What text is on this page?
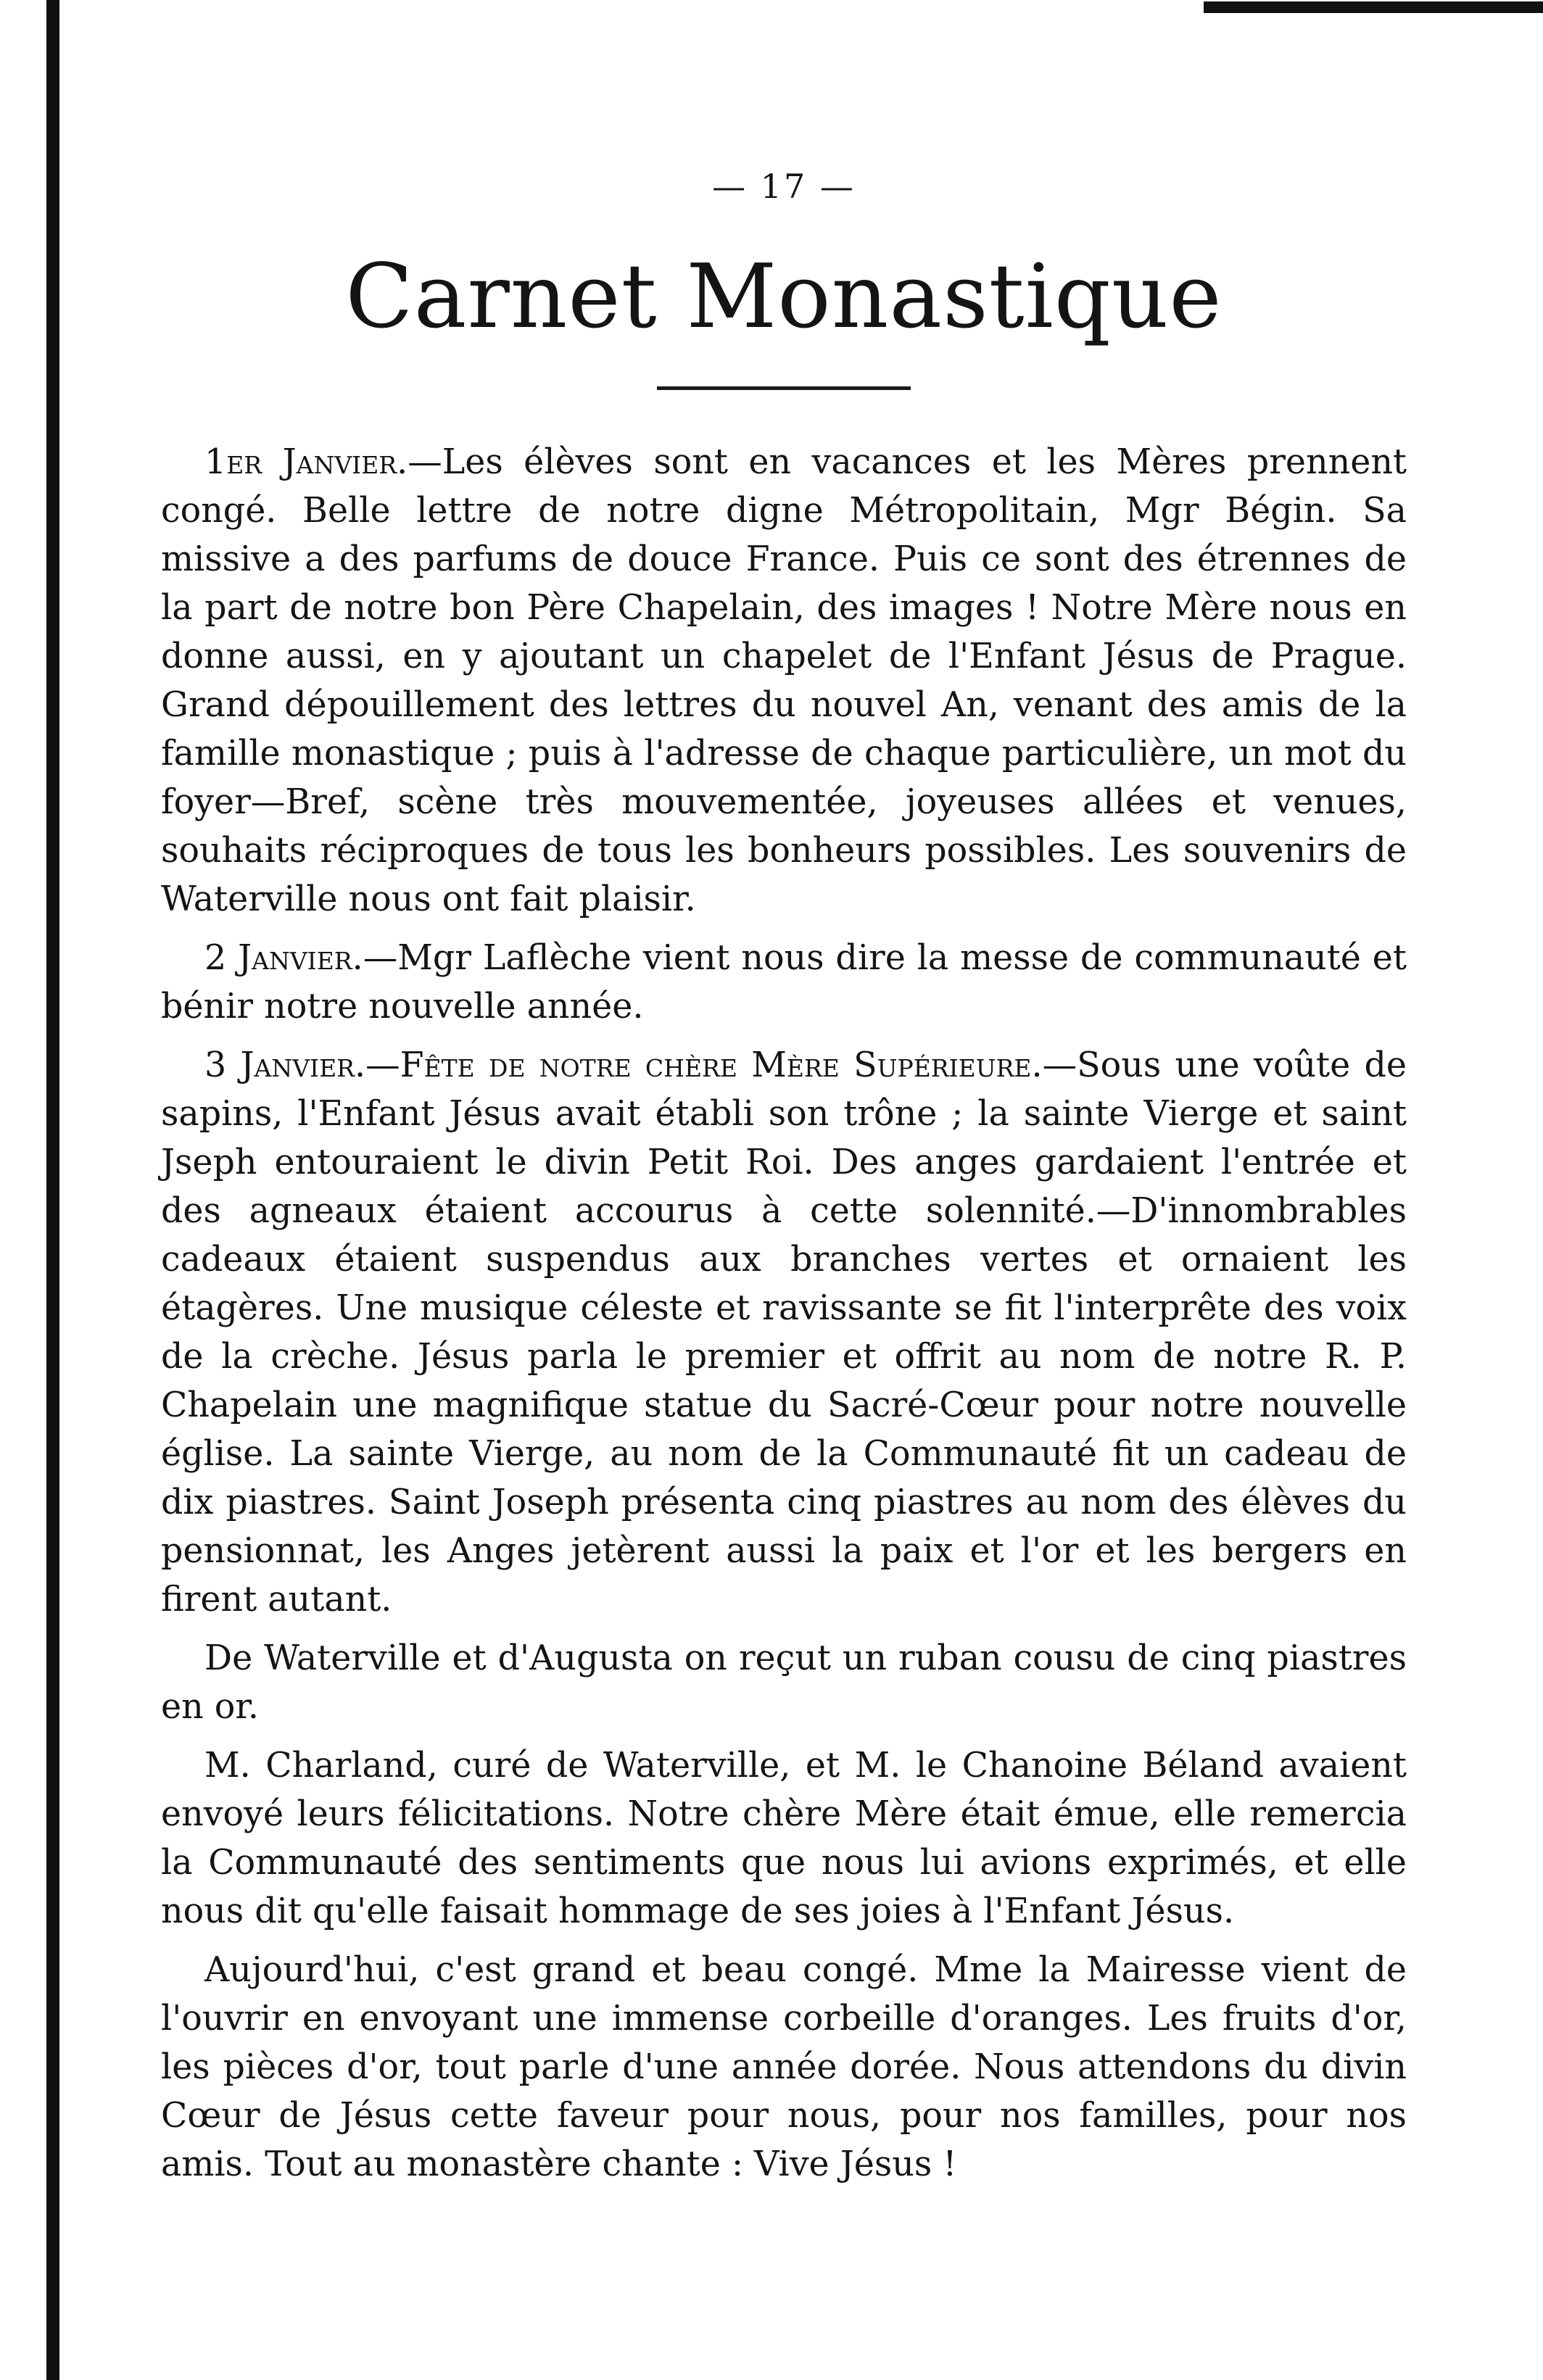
— 17 —

Carnet Monastique

1er Janvier.—Les élèves sont en vacances et les Mères prennent congé. Belle lettre de notre digne Métropolitain, Mgr Bégin. Sa missive a des parfums de douce France. Puis ce sont des étrennes de la part de notre bon Père Chapelain, des images ! Notre Mère nous en donne aussi, en y ajoutant un chapelet de l'Enfant Jésus de Prague. Grand dépouillement des lettres du nouvel An, venant des amis de la famille monastique ; puis à l'adresse de chaque particulière, un mot du foyer—Bref, scène très mouvementée, joyeuses allées et venues, souhaits réciproques de tous les bonheurs possibles. Les souvenirs de Waterville nous ont fait plaisir.

2 Janvier.—Mgr Laflèche vient nous dire la messe de communauté et bénir notre nouvelle année.

3 Janvier.—Fête de notre chère Mère Supérieure.—Sous une voûte de sapins, l'Enfant Jésus avait établi son trône ; la sainte Vierge et saint Jseph entouraient le divin Petit Roi. Des anges gardaient l'entrée et des agneaux étaient accourus à cette solennité.—D'innombrables cadeaux étaient suspendus aux branches vertes et ornaient les étagères. Une musique céleste et ravissante se fit l'interprête des voix de la crèche. Jésus parla le premier et offrit au nom de notre R. P. Chapelain une magnifique statue du Sacré-Cœur pour notre nouvelle église. La sainte Vierge, au nom de la Communauté fit un cadeau de dix piastres. Saint Joseph présenta cinq piastres au nom des élèves du pensionnat, les Anges jetèrent aussi la paix et l'or et les bergers en firent autant.

De Waterville et d'Augusta on reçut un ruban cousu de cinq piastres en or.

M. Charland, curé de Waterville, et M. le Chanoine Béland avaient envoyé leurs félicitations. Notre chère Mère était émue, elle remercia la Communauté des sentiments que nous lui avions exprimés, et elle nous dit qu'elle faisait hommage de ses joies à l'Enfant Jésus.

Aujourd'hui, c'est grand et beau congé. Mme la Mairesse vient de l'ouvrir en envoyant une immense corbeille d'oranges. Les fruits d'or, les pièces d'or, tout parle d'une année dorée. Nous attendons du divin Cœur de Jésus cette faveur pour nous, pour nos familles, pour nos amis. Tout au monastère chante : Vive Jésus !
